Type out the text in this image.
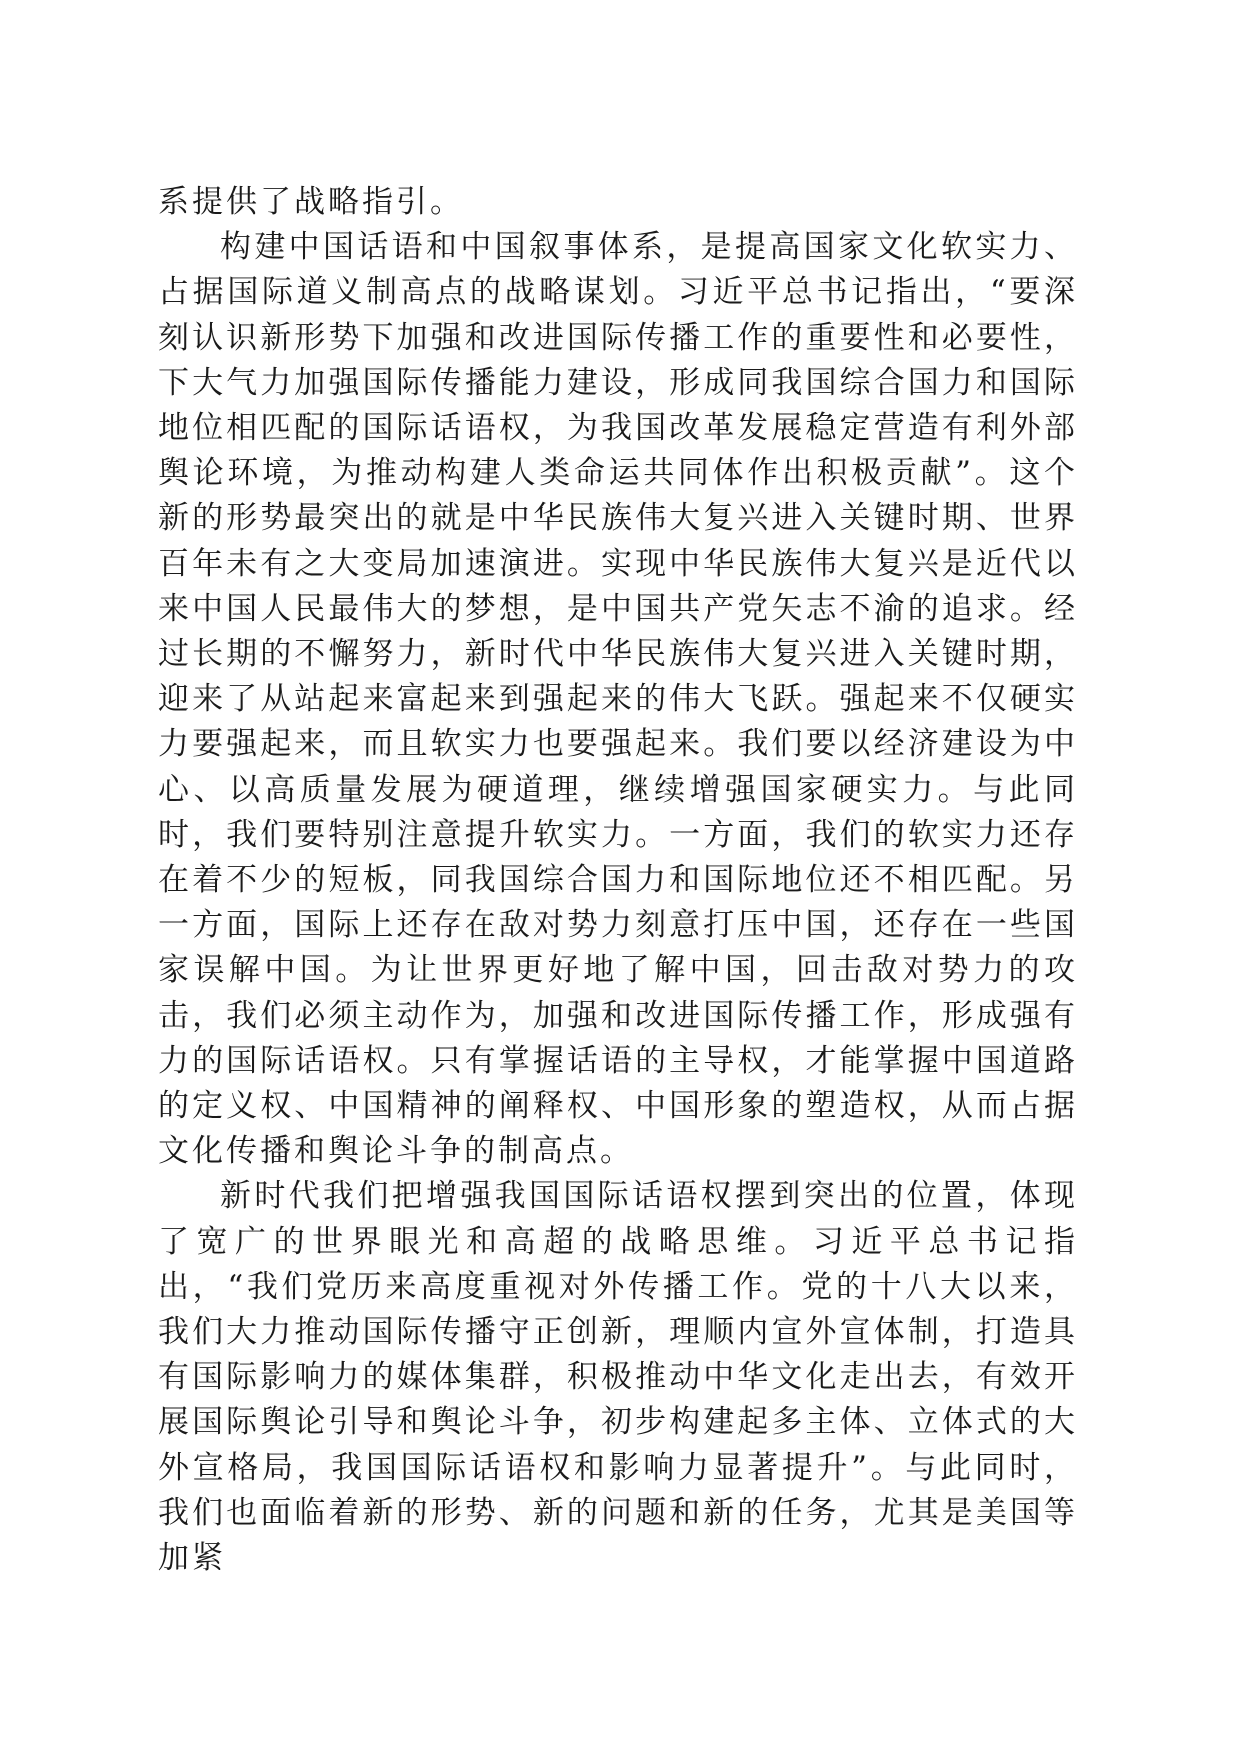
系提供了战略指引。

构建中国话语和中国叙事体系，是提高国家文化软实力、占据国际道义制高点的战略谋划。习近平总书记指出，“要深刻认识新形势下加强和改进国际传播工作的重要性和必要性，下大气力加强国际传播能力建设，形成同我国综合国力和国际地位相匹配的国际话语权，为我国改革发展稳定营造有利外部舆论环境，为推动构建人类命运共同体作出积极贡献”。这个新的形势最突出的就是中华民族伟大复兴进入关键时期、世界百年未有之大变局加速演进。实现中华民族伟大复兴是近代以来中国人民最伟大的梦想，是中国共产党矢志不渝的追求。经过长期的不懈努力，新时代中华民族伟大复兴进入关键时期，迎来了从站起来富起来到强起来的伟大飞跃。强起来不仅硬实力要强起来，而且软实力也要强起来。我们要以经济建设为中心、以高质量发展为硬道理，继续增强国家硬实力。与此同时，我们要特别注意提升软实力。一方面，我们的软实力还存在着不少的短板，同我国综合国力和国际地位还不相匹配。另一方面，国际上还存在敌对势力刻意打压中国，还存在一些国家误解中国。为让世界更好地了解中国，回击敌对势力的攻击，我们必须主动作为，加强和改进国际传播工作，形成强有力的国际话语权。只有掌握话语的主导权，才能掌握中国道路的定义权、中国精神的阐释权、中国形象的塑造权，从而占据文化传播和舆论斗争的制高点。

新时代我们把增强我国国际话语权摆到突出的位置，体现了宽广的世界眼光和高超的战略思维。习近平总书记指出，“我们党历来高度重视对外传播工作。党的十八大以来，我们大力推动国际传播守正创新，理顺内宣外宣体制，打造具有国际影响力的媒体集群，积极推动中华文化走出去，有效开展国际舆论引导和舆论斗争，初步构建起多主体、立体式的大外宣格局，我国国际话语权和影响力显著提升”。与此同时，我们也面临着新的形势、新的问题和新的任务，尤其是美国等加紧
